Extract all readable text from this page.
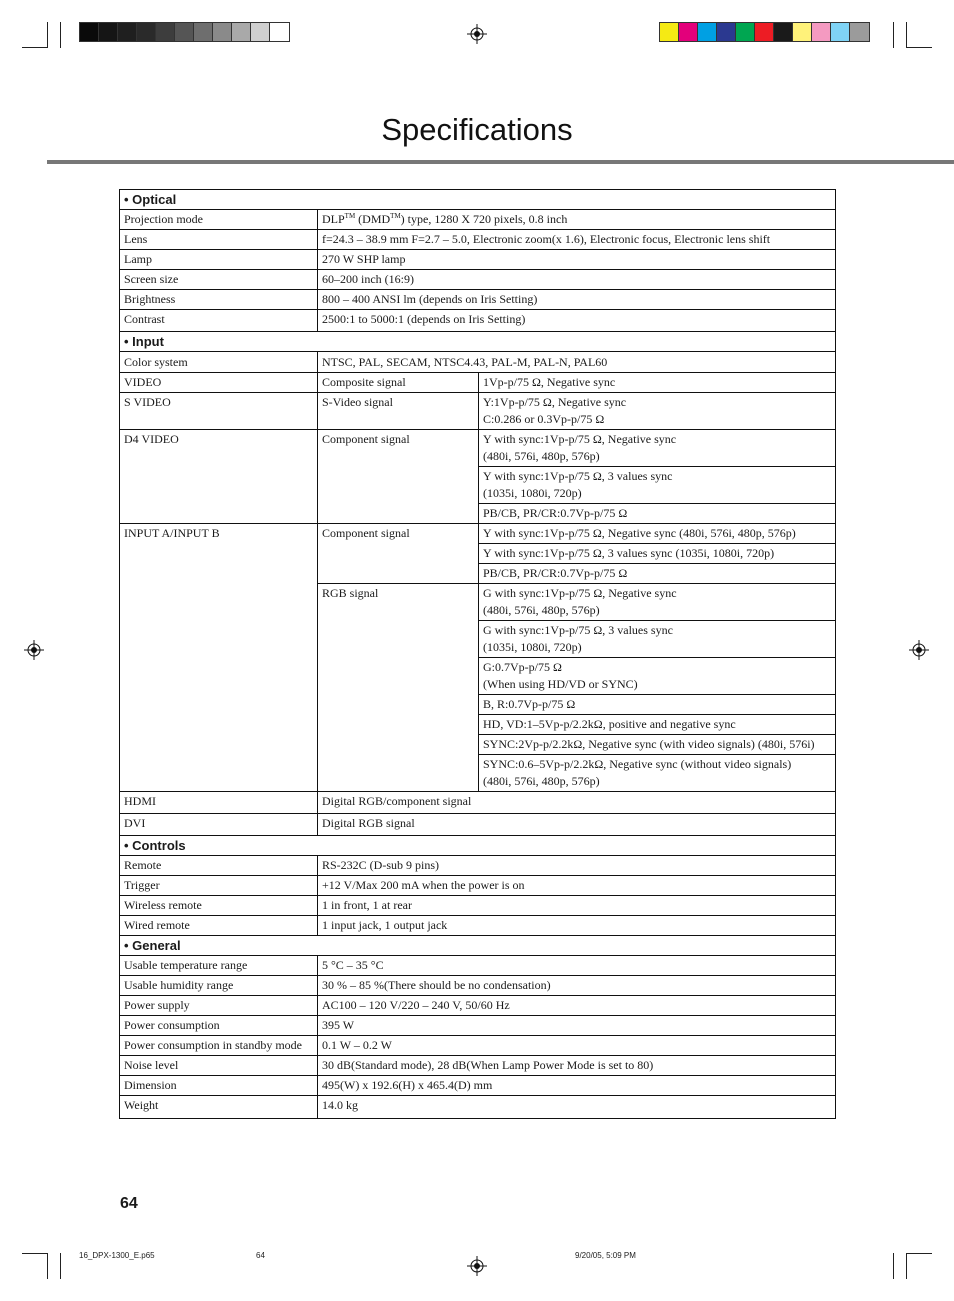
Specifications
• Optical		
Projection mode	DLP™ (DMD™) type, 1280 X 720 pixels, 0.8 inch	
Lens	f=24.3 – 38.9 mm F=2.7 – 5.0, Electronic zoom(x 1.6), Electronic focus, Electronic lens shift	
Lamp	270 W SHP lamp	
Screen size	60–200 inch (16:9)	
Brightness	800 – 400 ANSI lm (depends on Iris Setting)	
Contrast	2500:1 to 5000:1 (depends on Iris Setting)	
• Input		
Color system	NTSC, PAL, SECAM, NTSC4.43, PAL-M, PAL-N, PAL60	
VIDEO	Composite signal	1Vp-p/75 Ω, Negative sync
S VIDEO	S-Video signal	Y:1Vp-p/75 Ω, Negative sync
C:0.286 or 0.3Vp-p/75 Ω

D4 VIDEO	Component signal	Y with sync:1Vp-p/75 Ω, Negative sync
(480i, 576i, 480p, 576p)

		Y with sync:1Vp-p/75 Ω, 3 values sync
(1035i, 1080i, 720p)

		PB/CB, PR/CR:0.7Vp-p/75 Ω
INPUT A/INPUT B	Component signal	Y with sync:1Vp-p/75 Ω, Negative sync (480i, 576i, 480p, 576p)
		Y with sync:1Vp-p/75 Ω, 3 values sync (1035i, 1080i, 720p)
		PB/CB, PR/CR:0.7Vp-p/75 Ω
	RGB signal	G with sync:1Vp-p/75 Ω, Negative sync
(480i, 576i, 480p, 576p)

		G with sync:1Vp-p/75 Ω, 3 values sync
(1035i, 1080i, 720p)

		G:0.7Vp-p/75 Ω
(When using HD/VD or SYNC)

		B, R:0.7Vp-p/75 Ω
		HD, VD:1–5Vp-p/2.2kΩ, positive and negative sync
		SYNC:2Vp-p/2.2kΩ, Negative sync (with video signals) (480i, 576i)

		SYNC:0.6–5Vp-p/2.2kΩ, Negative sync (without video signals)
(480i, 576i, 480p, 576p)

HDMI	Digital RGB/component signal	
DVI	Digital RGB signal	
• Controls		
Remote	RS-232C (D-sub 9 pins)	
Trigger	+12 V/Max 200 mA when the power is on	
Wireless remote	1 in front, 1 at rear	
Wired remote	1 input jack, 1 output jack	
• General		
Usable temperature range	5 °C – 35 °C	
Usable humidity range	30 % – 85 %(There should be no condensation)	
Power supply	AC100 – 120 V/220 – 240 V, 50/60 Hz	
Power consumption	395 W	
Power consumption in standby mode	0.1 W – 0.2 W	
Noise level	30 dB(Standard mode), 28 dB(When Lamp Power Mode is set to 80)	
Dimension	495(W) x 192.6(H) x 465.4(D) mm	
Weight	14.0 kg	
64
16_DPX-1300_E.p65	64	9/20/05, 5:09 PM
